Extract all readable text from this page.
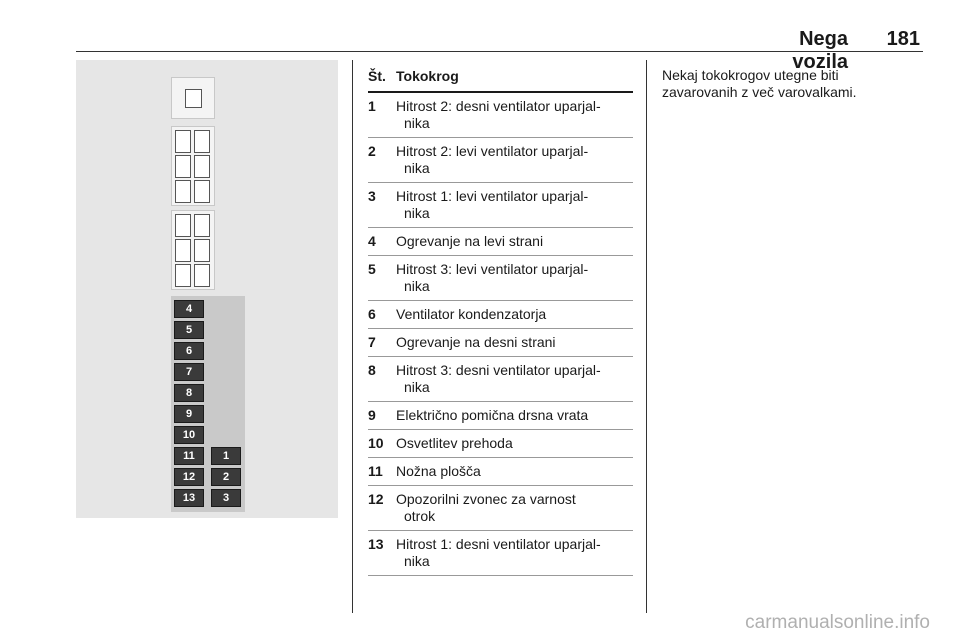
Nega vozila
181
4
5
6
7
8
9
10
11
12
13
1
2
3
Št. Tokokrog
1 Hitrost 2: desni ventilator uparjal-
nika
2 Hitrost 2: levi ventilator uparjal-
nika
3 Hitrost 1: levi ventilator uparjal-
nika
4 Ogrevanje na levi strani
5 Hitrost 3: levi ventilator uparjal-
nika
6 Ventilator kondenzatorja
7 Ogrevanje na desni strani
8 Hitrost 3: desni ventilator uparjal-
nika
9 Električno pomična drsna vrata
10 Osvetlitev prehoda
11 Nožna plošča
12 Opozorilni zvonec za varnost
otrok
13 Hitrost 1: desni ventilator uparjal-
nika
Nekaj tokokrogov utegne biti
zavarovanih z več varovalkami.
carmanualsonline.info
